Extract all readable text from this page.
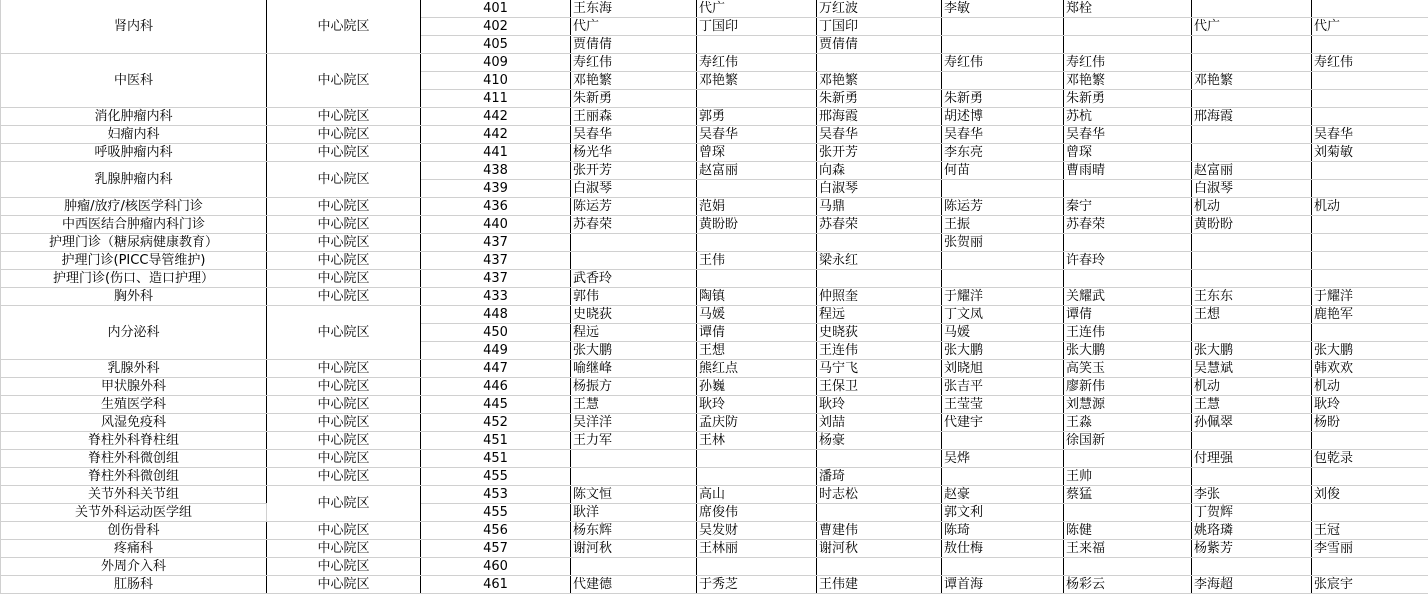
肾内科	中心院区	401	王东海	代广	万红波	李敏	郑栓		
		402	代广	丁国印	丁国印			代广	代广
		405	贾倩倩		贾倩倩				
中医科	中心院区	409	寿红伟	寿红伟		寿红伟	寿红伟		寿红伟
		410	邓艳繁	邓艳繁	邓艳繁		邓艳繁	邓艳繁	
		411	朱新勇		朱新勇	朱新勇	朱新勇		
消化肿瘤内科	中心院区	442	王丽森	郭勇	邢海霞	胡述博	苏杭	邢海霞	
妇瘤内科	中心院区	442	吴春华	吴春华	吴春华	吴春华	吴春华		吴春华
呼吸肿瘤内科	中心院区	441	杨光华	曾琛	张开芳	李东亮	曾琛		刘菊敏
乳腺肿瘤内科	中心院区	438	张开芳	赵富丽	向森	何苗	曹雨晴	赵富丽	
		439	白淑琴		白淑琴			白淑琴	
肿瘤/放疗/核医学科门诊	中心院区	436	陈运芳	范娟	马鼎	陈运芳	秦宁	机动	机动
中西医结合肿瘤内科门诊	中心院区	440	苏春荣	黄盼盼	苏春荣	王振	苏春荣	黄盼盼	
护理门诊（糖尿病健康教育）	中心院区	437				张贺丽			
护理门诊(PICC导管维护)	中心院区	437		王伟	梁永红		许春玲		
护理门诊(伤口、造口护理）	中心院区	437	武香玲						
胸外科	中心院区	433	郭伟	陶镇	仲照奎	于耀洋	关耀武	王东东	于耀洋
内分泌科	中心院区	448	史晓荻	马媛	程远	丁文凤	谭倩	王想	鹿艳军
		450	程远	谭倩	史晓荻	马媛	王连伟		
		449	张大鹏	王想	王连伟	张大鹏	张大鹏	张大鹏	张大鹏
乳腺外科	中心院区	447	喻继峰	熊红点	马宁飞	刘晓旭	高笑玉	吴慧斌	韩欢欢
甲状腺外科	中心院区	446	杨振方	孙巍	王保卫	张吉平	廖新伟	机动	机动
生殖医学科	中心院区	445	王慧	耿玲	耿玲	王莹莹	刘慧源	王慧	耿玲
风湿免疫科	中心院区	452	吴洋洋	孟庆防	刘喆	代建宇	王淼	孙佩翠	杨盼
脊柱外科脊柱组	中心院区	451	王力军	王林	杨豪		徐国新		
脊柱外科微创组	中心院区	451				吴烨		付理强	包乾录
脊柱外科微创组	中心院区	455			潘琦		王帅		
关节外科关节组	中心院区	453	陈文恒	高山	时志松	赵豪	蔡猛	李张	刘俊
关节外科运动医学组		455	耿洋	席俊伟		郭文利		丁贺辉	
创伤骨科	中心院区	456	杨东辉	吴发财	曹建伟	陈琦	陈健	姚珞璘	王冠
疼痛科	中心院区	457	谢河秋	王林丽	谢河秋	敖仕梅	王来福	杨紫芳	李雪丽
外周介入科	中心院区	460							
肛肠科	中心院区	461	代建德	于秀芝	王伟建	谭首海	杨彩云	李海超	张宸宇
